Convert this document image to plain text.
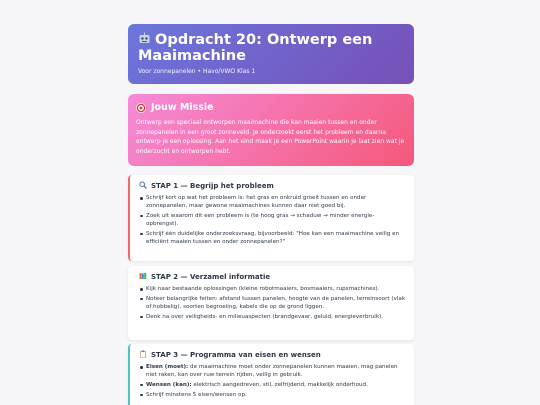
Opdracht 20: Ontwerp een Maaimachine
Voor zonnepanelen • Havo/VWO Klas 1
Jouw Missie

Ontwerp een speciaal ontworpen maaimachine die kan maaien tussen en onder zonnepanelen in een groot zonneveld. Je onderzoekt eerst het probleem en daarna ontwerp je een oplossing. Aan het eind maak je een PowerPoint waarin je laat zien wat je onderzocht en ontworpen hebt.

STAP 1 — Begrijp het probleem
Schrijf kort op wat het probleem is: het gras en onkruid groeit tussen en onder zonnepanelen, maar gewone maaimachines kunnen daar niet goed bij.
Zoek uit waarom dit een probleem is (te hoog gras → schaduw → minder energie-opbrengst).
Schrijf één duidelijke onderzoeksvraag, bijvoorbeeld: "Hoe kan een maaimachine veilig en efficiënt maaien tussen en onder zonnepanelen?"
STAP 2 — Verzamel informatie
Kijk naar bestaande oplossingen (kleine robotmaaiers, bosmaaiers, rupsmachines).
Noteer belangrijke feiten: afstand tussen panelen, hoogte van de panelen, terreinsoort (vlak of hobbelig), soorten begroeiing, kabels die op de grond liggen.
Denk na over veiligheids- en milieuaspecten (brandgevaar, geluid, energieverbruik).
STAP 3 — Programma van eisen en wensen
Eisen (moet): de maaimachine moet onder zonnepanelen kunnen maaien, mag panelen niet raken, kan over ruw terrein rijden, veilig in gebruik.
Wensen (kan): elektrisch aangedreven, stil, zelfrijdend, makkelijk onderhoud.
Schrijf minstens 5 eisen/wensen op.
